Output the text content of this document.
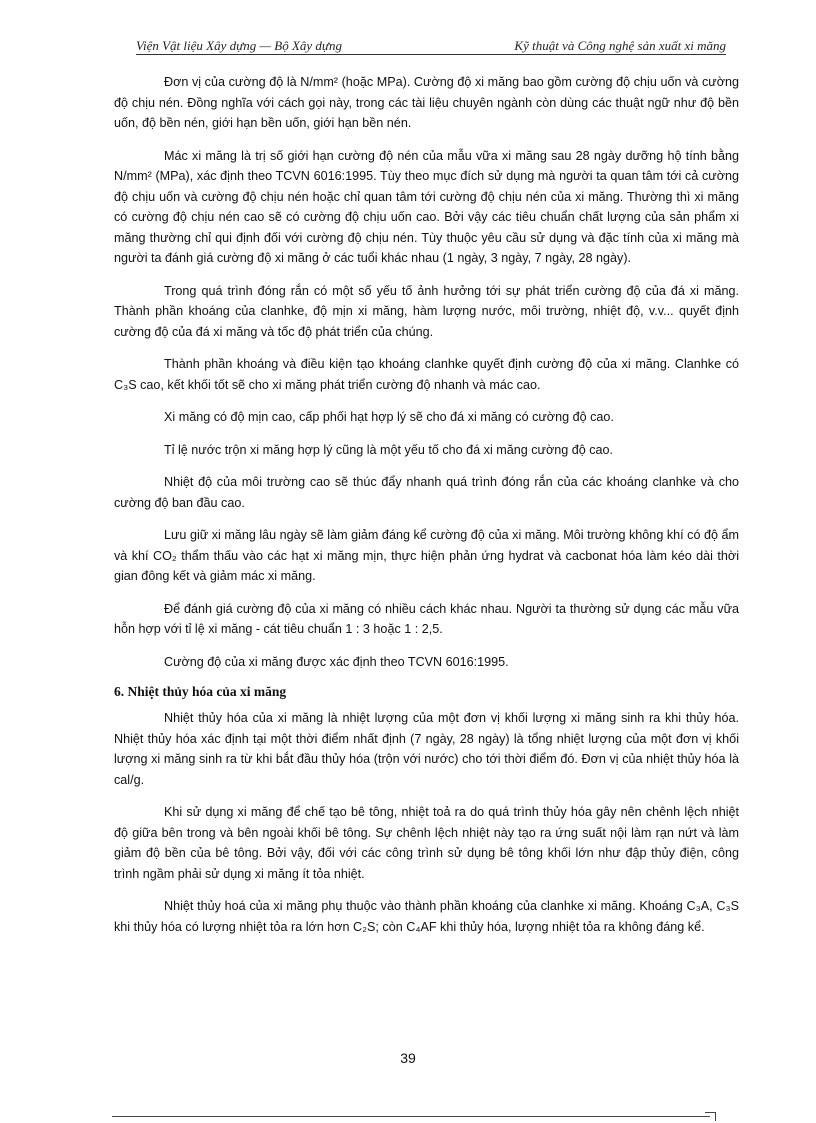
Viện Vật liệu Xây dựng — Bộ Xây dựng	Kỹ thuật và Công nghệ sản xuất xi măng

Đơn vị của cường độ là N/mm² (hoặc MPa). Cường độ xi măng bao gồm cường độ chịu uốn và cường độ chịu nén. Đồng nghĩa với cách gọi này, trong các tài liệu chuyên ngành còn dùng các thuật ngữ như độ bền uốn, độ bền nén, giới hạn bền uốn, giới hạn bền nén.

Mác xi măng là trị số giới hạn cường độ nén của mẫu vữa xi măng sau 28 ngày dưỡng hộ tính bằng N/mm² (MPa), xác định theo TCVN 6016:1995. Tùy theo mục đích sử dụng mà người ta quan tâm tới cả cường độ chịu uốn và cường độ chịu nén hoặc chỉ quan tâm tới cường độ chịu nén của xi măng. Thường thì xi măng có cường độ chịu nén cao sẽ có cường độ chịu uốn cao. Bởi vậy các tiêu chuẩn chất lượng của sản phẩm xi măng thường chỉ qui định đối với cường độ chịu nén. Tùy thuộc yêu cầu sử dụng và đặc tính của xi măng mà người ta đánh giá cường độ xi măng ở các tuổi khác nhau (1 ngày, 3 ngày, 7 ngày, 28 ngày).

Trong quá trình đóng rắn có một số yếu tố ảnh hưởng tới sự phát triển cường độ của đá xi măng. Thành phần khoáng của clanhke, độ mịn xi măng, hàm lượng nước, môi trường, nhiệt độ, v.v... quyết định cường độ của đá xi măng và tốc độ phát triển của chúng.

Thành phần khoáng và điều kiện tạo khoáng clanhke quyết định cường độ của xi măng. Clanhke có C₃S cao, kết khối tốt sẽ cho xi măng phát triển cường độ nhanh và mác cao.

Xi măng có độ mịn cao, cấp phối hạt hợp lý sẽ cho đá xi măng có cường độ cao.

Tỉ lệ nước trộn xi măng hợp lý cũng là một yếu tố cho đá xi măng cường độ cao.

Nhiệt độ của môi trường cao sẽ thúc đẩy nhanh quá trình đóng rắn của các khoáng clanhke và cho cường độ ban đầu cao.

Lưu giữ xi măng lâu ngày sẽ làm giảm đáng kể cường độ của xi măng. Môi trường không khí có độ ẩm và khí CO₂ thẩm thấu vào các hạt xi măng mịn, thực hiện phản ứng hydrat và cacbonat hóa làm kéo dài thời gian đông kết và giảm mác xi măng.

Để đánh giá cường độ của xi măng có nhiều cách khác nhau. Người ta thường sử dụng các mẫu vữa hỗn hợp với tỉ lệ xi măng - cát tiêu chuẩn 1 : 3 hoặc 1 : 2,5.

Cường độ của xi măng được xác định theo TCVN 6016:1995.

6. Nhiệt thủy hóa của xi măng

Nhiệt thủy hóa của xi măng là nhiệt lượng của một đơn vị khối lượng xi măng sinh ra khi thủy hóa. Nhiệt thủy hóa xác định tại một thời điểm nhất định (7 ngày, 28 ngày) là tổng nhiệt lượng của một đơn vị khối lượng xi măng sinh ra từ khi bắt đầu thủy hóa (trộn với nước) cho tới thời điểm đó. Đơn vị của nhiệt thủy hóa là cal/g.

Khi sử dụng xi măng để chế tạo bê tông, nhiệt toả ra do quá trình thủy hóa gây nên chênh lệch nhiệt độ giữa bên trong và bên ngoài khối bê tông. Sự chênh lệch nhiệt này tạo ra ứng suất nội làm rạn nứt và làm giảm độ bền của bê tông. Bởi vậy, đối với các công trình sử dụng bê tông khối lớn như đập thủy điện, công trình ngầm phải sử dụng xi măng ít tỏa nhiệt.

Nhiệt thủy hoá của xi măng phụ thuộc vào thành phần khoáng của clanhke xi măng. Khoáng C₃A, C₃S khi thủy hóa có lượng nhiệt tỏa ra lớn hơn C₂S; còn C₄AF khi thủy hóa, lượng nhiệt tỏa ra không đáng kể.

39
